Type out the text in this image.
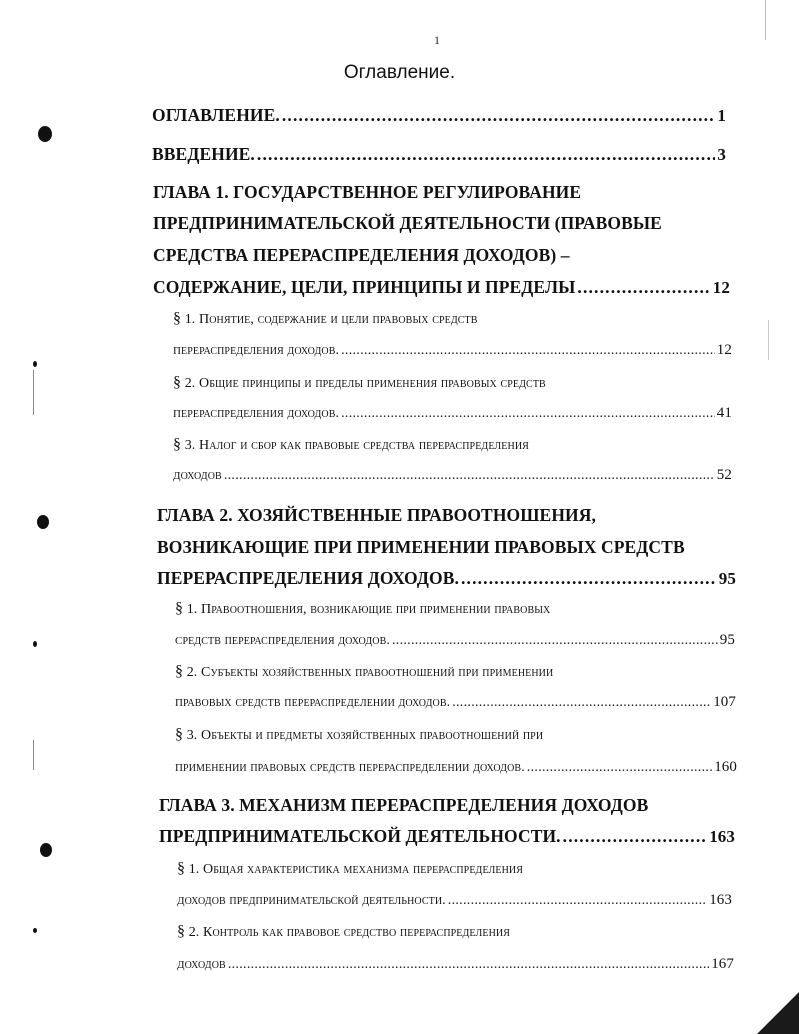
1
Оглавление.
ОГЛАВЛЕНИЕ. . . .	1
ВВЕДЕНИЕ. . . .	3
ГЛАВА 1. ГОСУДАРСТВЕННОЕ РЕГУЛИРОВАНИЕ
ПРЕДПРИНИМАТЕЛЬСКОЙ ДЕЯТЕЛЬНОСТИ (ПРАВОВЫЕ
СРЕДСТВА ПЕРЕРАСПРЕДЕЛЕНИЯ ДОХОДОВ) –
СОДЕРЖАНИЕ, ЦЕЛИ, ПРИНЦИПЫ И ПРЕДЕЛЫ . . .	12
§ 1. Понятие, содержание и цели правовых средств
перераспределения доходов. . . .	12
§ 2. Общие принципы и пределы применения правовых средств
перераспределения доходов. . . .	41
§ 3. Налог и сбор как правовые средства перераспределения
доходов . . .	52
ГЛАВА 2. ХОЗЯЙСТВЕННЫЕ ПРАВООТНОШЕНИЯ,
ВОЗНИКАЮЩИЕ ПРИ ПРИМЕНЕНИИ ПРАВОВЫХ СРЕДСТВ
ПЕРЕРАСПРЕДЕЛЕНИЯ ДОХОДОВ. . . .	95
§ 1. Правоотношения, возникающие при применении правовых
средств перераспределения доходов. . . .	95
§ 2. Субъекты хозяйственных правоотношений при применении
правовых средств перераспределении доходов. . . .	107
§ 3. Объекты и предметы хозяйственных правоотношений при
применении правовых средств перераспределении доходов. . . .	160
ГЛАВА 3. МЕХАНИЗМ ПЕРЕРАСПРЕДЕЛЕНИЯ ДОХОДОВ
ПРЕДПРИНИМАТЕЛЬСКОЙ ДЕЯТЕЛЬНОСТИ. . . .	163
§ 1. Общая характеристика механизма перераспределения
доходов предпринимательской деятельности. . . .	163
§ 2. Контроль как правовое средство перераспределения
доходов . . .	167
